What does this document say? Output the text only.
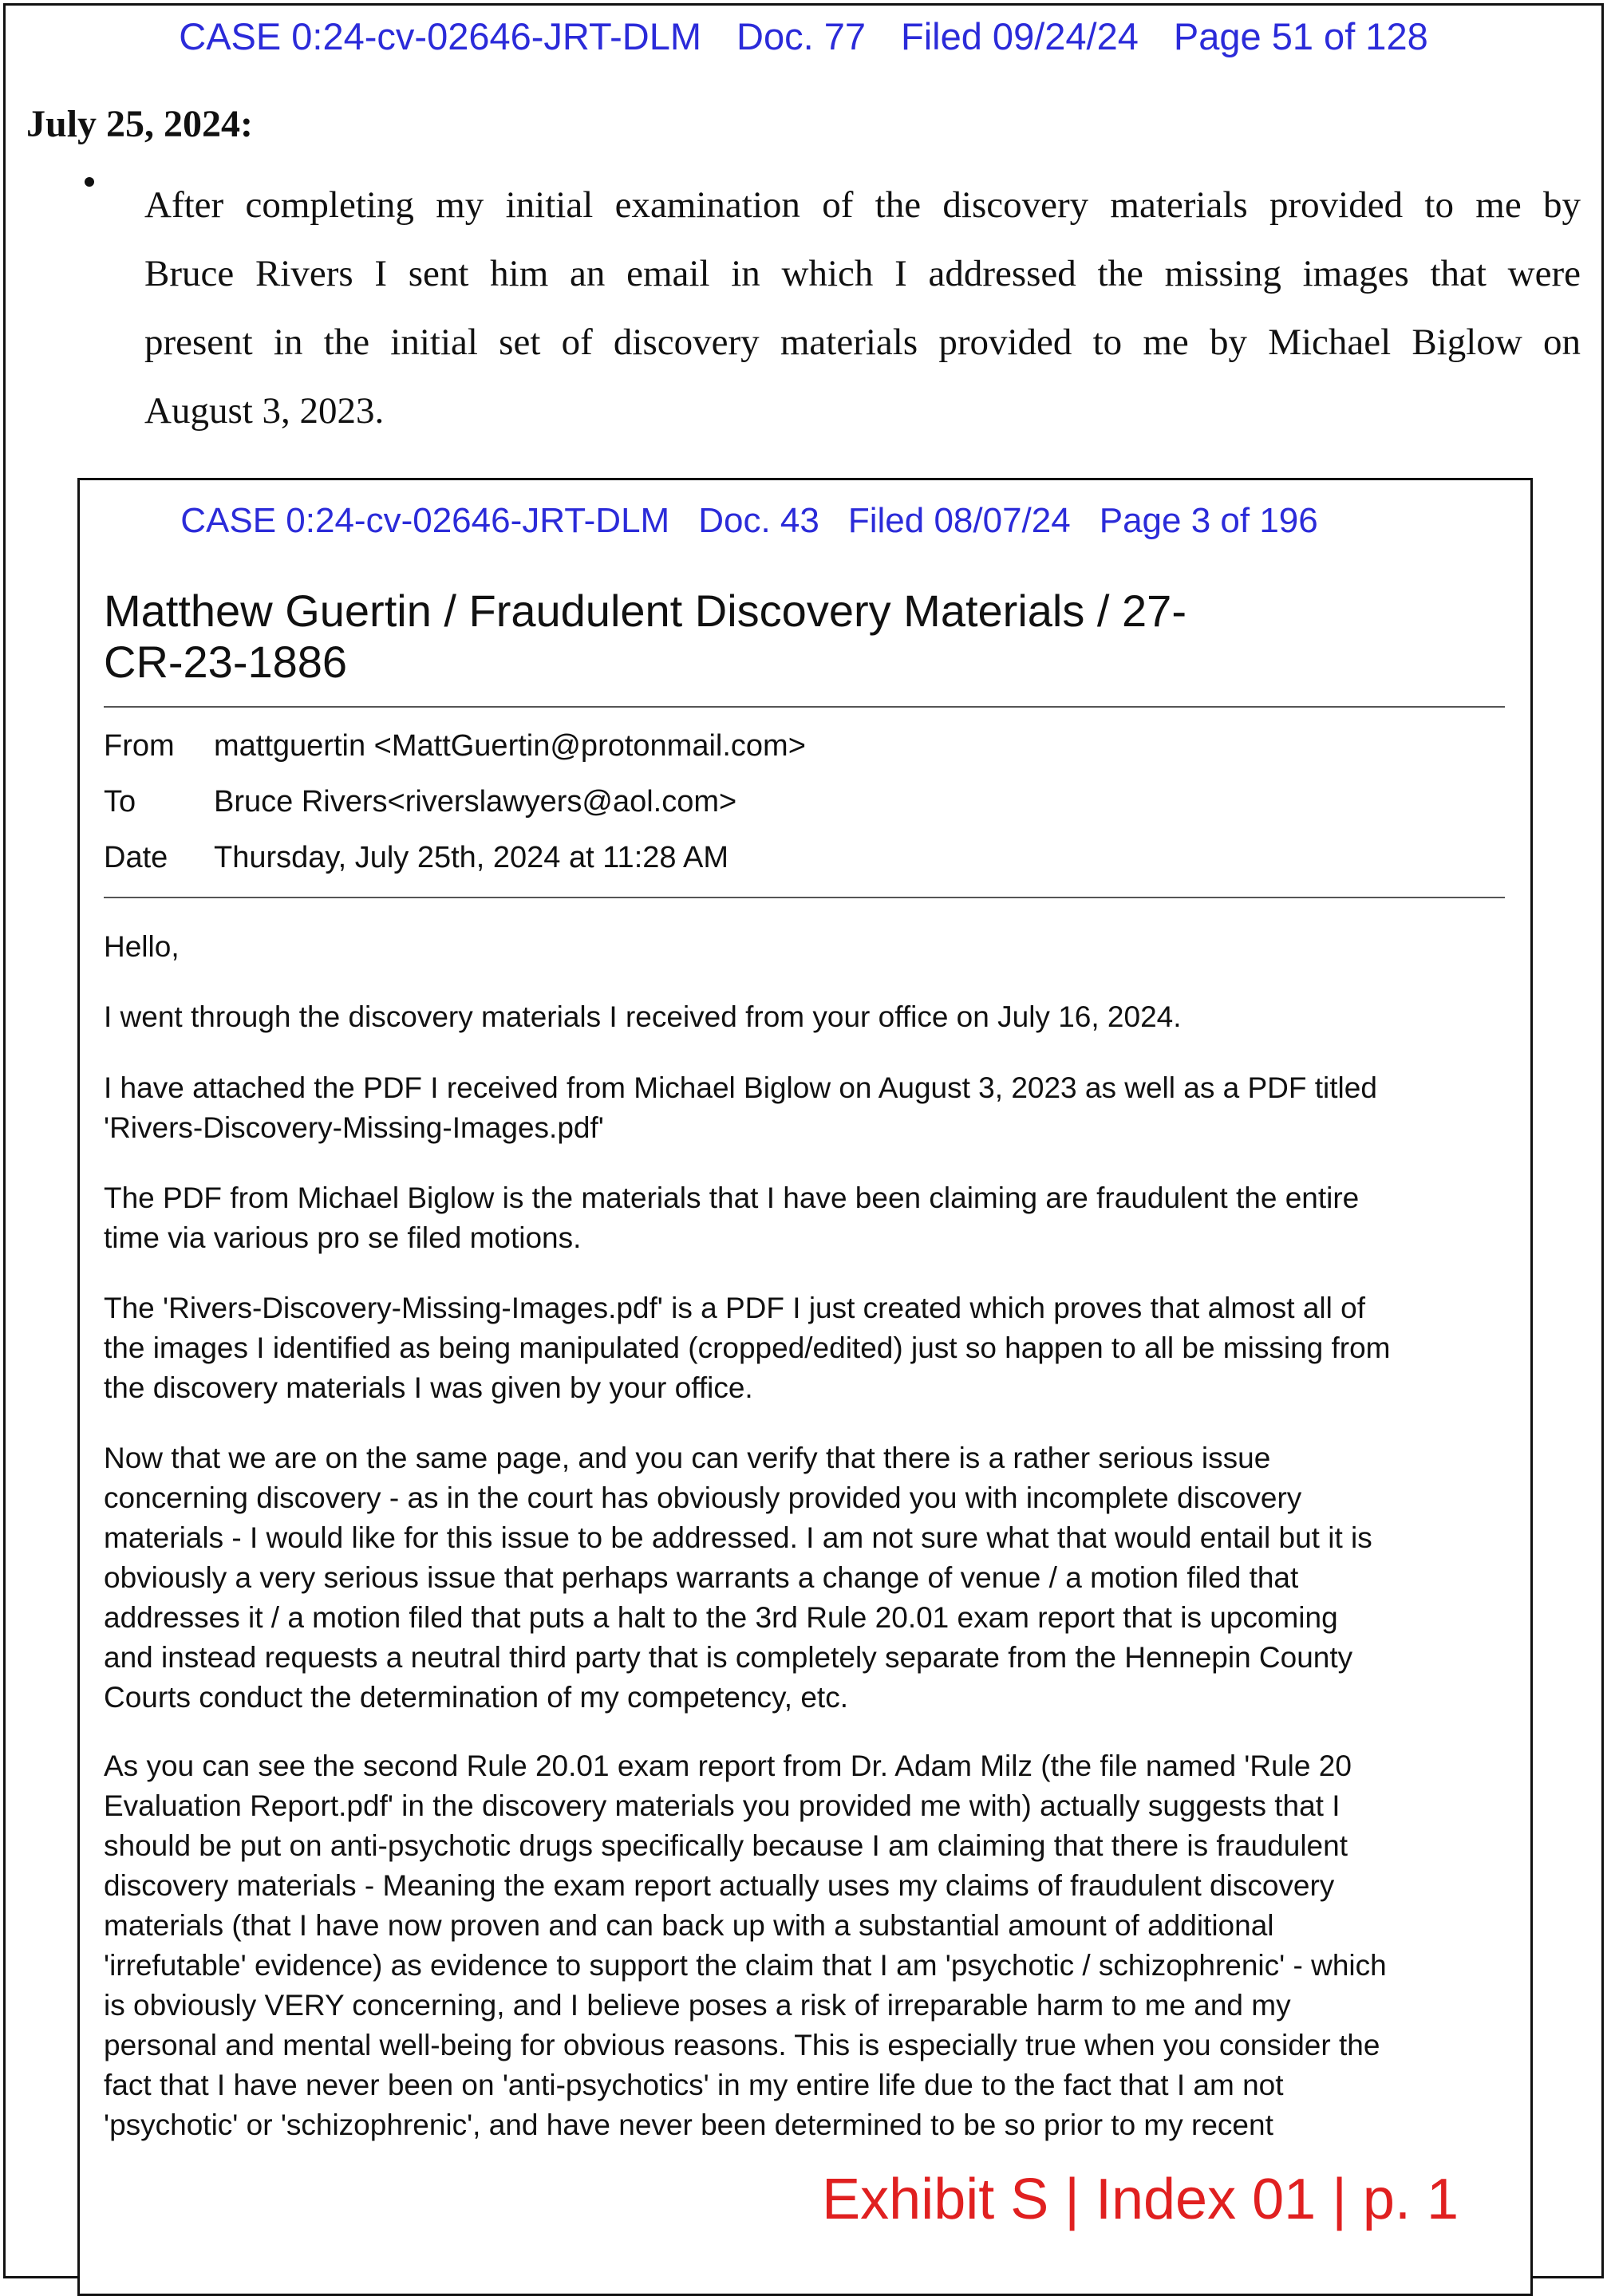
CASE 0:24-cv-02646-JRT-DLM Doc. 77 Filed 09/24/24 Page 51 of 128
July 25, 2024:

After completing my initial examination of the discovery materials provided to me by
Bruce Rivers I sent him an email in which I addressed the missing images that were
present in the initial set of discovery materials provided to me by Michael Biglow on
August 3, 2023.

CASE 0:24-cv-02646-JRT-DLM Doc. 43 Filed 08/07/24 Page 3 of 196
Matthew Guertin / Fraudulent Discovery Materials / 27-
CR-23-1886
From mattguertin <MattGuertin@protonmail.com>
To	Bruce Rivers<riverslawyers@aol.com>
Date Thursday, July 25th, 2024 at 11:28 AM

Hello,

I went through the discovery materials I received from your office on July 16, 2024.

I have attached the PDF I received from Michael Biglow on August 3, 2023 as well as a PDF titled
'Rivers-Discovery-Missing-Images.pdf'

The PDF from Michael Biglow is the materials that I have been claiming are fraudulent the entire
time via various pro se filed motions.

The 'Rivers-Discovery-Missing-Images.pdf' is a PDF I just created which proves that almost all of
the images I identified as being manipulated (cropped/edited) just so happen to all be missing from
the discovery materials I was given by your office.

Now that we are on the same page, and you can verify that there is a rather serious issue
concerning discovery - as in the court has obviously provided you with incomplete discovery
materials - I would like for this issue to be addressed. I am not sure what that would entail but it is
obviously a very serious issue that perhaps warrants a change of venue / a motion filed that
addresses it / a motion filed that puts a halt to the 3rd Rule 20.01 exam report that is upcoming
and instead requests a neutral third party that is completely separate from the Hennepin County
Courts conduct the determination of my competency, etc.

As you can see the second Rule 20.01 exam report from Dr. Adam Milz (the file named 'Rule 20
Evaluation Report.pdf' in the discovery materials you provided me with) actually suggests that I
should be put on anti-psychotic drugs specifically because I am claiming that there is fraudulent
discovery materials - Meaning the exam report actually uses my claims of fraudulent discovery
materials (that I have now proven and can back up with a substantial amount of additional
'irrefutable' evidence) as evidence to support the claim that I am 'psychotic / schizophrenic' - which
is obviously VERY concerning, and I believe poses a risk of irreparable harm to me and my
personal and mental well-being for obvious reasons. This is especially true when you consider the
fact that I have never been on 'anti-psychotics' in my entire life due to the fact that I am not
'psychotic' or 'schizophrenic', and have never been determined to be so prior to my recent

Exhibit S | Index 01 | p. 1
